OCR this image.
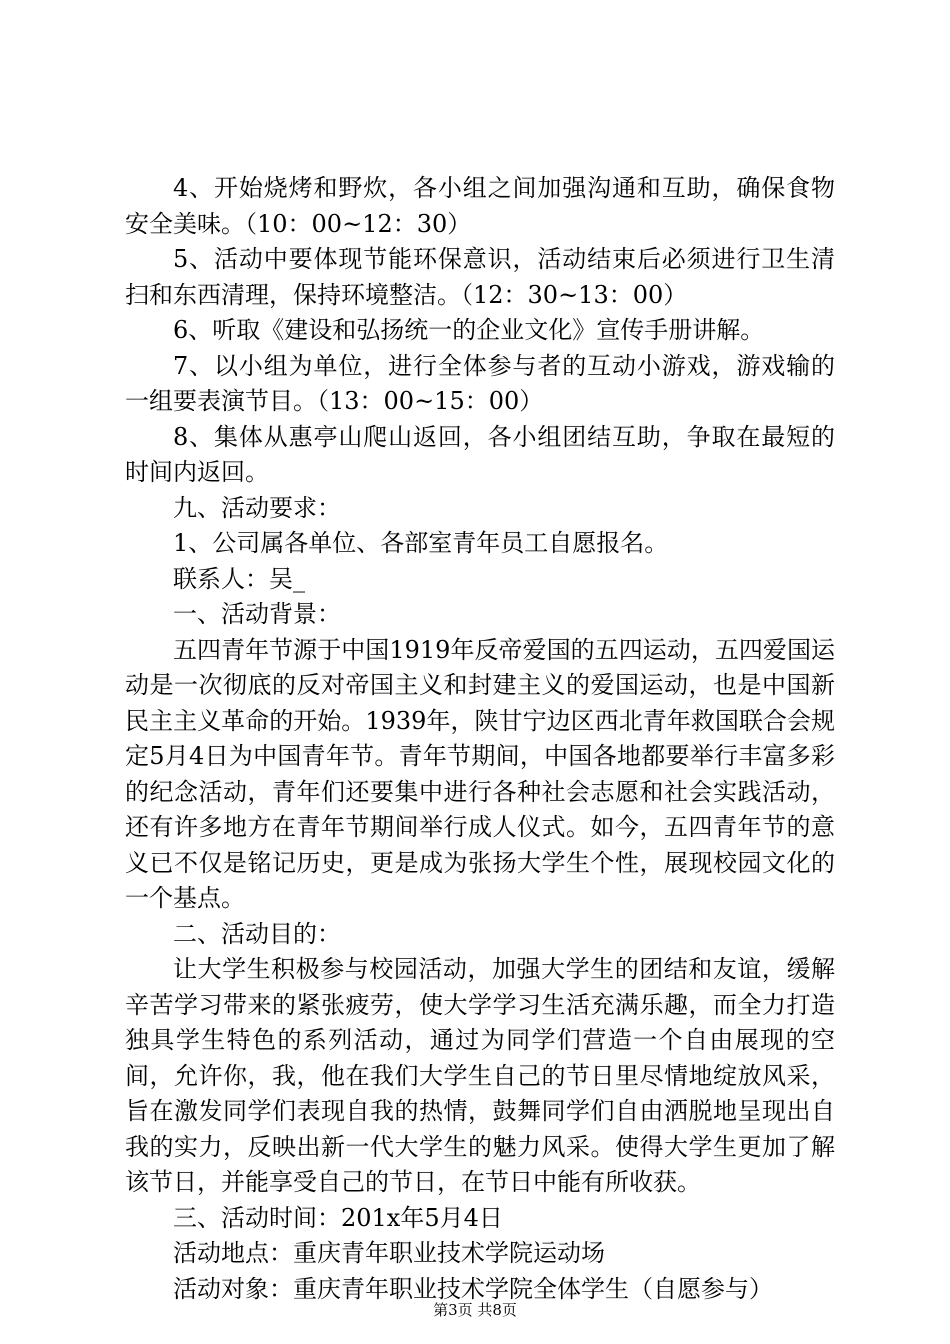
4、开始烧烤和野炊，各小组之间加强沟通和互助，确保食物安全美味。（10：00~12：30）

5、活动中要体现节能环保意识，活动结束后必须进行卫生清扫和东西清理，保持环境整洁。（12：30~13：00）

6、听取《建设和弘扬统一的企业文化》宣传手册讲解。

7、以小组为单位，进行全体参与者的互动小游戏，游戏输的一组要表演节目。（13：00~15：00）

8、集体从惠亭山爬山返回，各小组团结互助，争取在最短的时间内返回。

九、活动要求：

1、公司属各单位、各部室青年员工自愿报名。

联系人：吴_

一、活动背景：

五四青年节源于中国1919年反帝爱国的五四运动，五四爱国运动是一次彻底的反对帝国主义和封建主义的爱国运动，也是中国新民主主义革命的开始。1939年，陕甘宁边区西北青年救国联合会规定5月4日为中国青年节。青年节期间，中国各地都要举行丰富多彩的纪念活动，青年们还要集中进行各种社会志愿和社会实践活动，还有许多地方在青年节期间举行成人仪式。如今，五四青年节的意义已不仅是铭记历史，更是成为张扬大学生个性，展现校园文化的一个基点。

二、活动目的：

让大学生积极参与校园活动，加强大学生的团结和友谊，缓解辛苦学习带来的紧张疲劳，使大学学习生活充满乐趣，而全力打造独具学生特色的系列活动，通过为同学们营造一个自由展现的空间，允许你，我，他在我们大学生自己的节日里尽情地绽放风采，旨在激发同学们表现自我的热情，鼓舞同学们自由洒脱地呈现出自我的实力，反映出新一代大学生的魅力风采。使得大学生更加了解该节日，并能享受自己的节日，在节日中能有所收获。

三、活动时间：201x年5月4日

活动地点：重庆青年职业技术学院运动场

活动对象：重庆青年职业技术学院全体学生（自愿参与）

第3页 共8页
